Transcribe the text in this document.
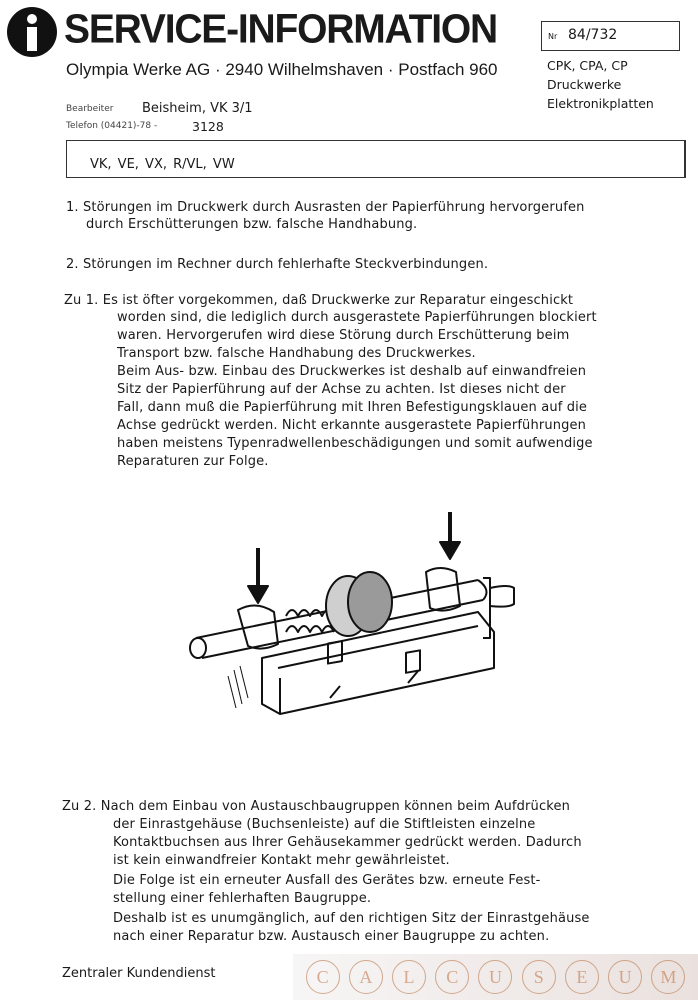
SERVICE-INFORMATION
Olympia Werke AG · 2940 Wilhelmshaven · Postfach 960
Nr 84/732
CPK, CPA, CP
Druckwerke
Elektronikplatten
Bearbeiter Beisheim, VK 3/1
Telefon (04421)-78 -	3128
VK, VE, VX, R/VL, VW
1. Störungen im Druckwerk durch Ausrasten der Papierführung hervorgerufen
durch Erschütterungen bzw. falsche Handhabung.
2. Störungen im Rechner durch fehlerhafte Steckverbindungen.
Zu 1. Es ist öfter vorgekommen, daß Druckwerke zur Reparatur eingeschickt
worden sind, die lediglich durch ausgerastete Papierführungen blockiert
waren. Hervorgerufen wird diese Störung durch Erschütterung beim
Transport bzw. falsche Handhabung des Druckwerkes.
Beim Aus- bzw. Einbau des Druckwerkes ist deshalb auf einwandfreien
Sitz der Papierführung auf der Achse zu achten. Ist dieses nicht der
Fall, dann muß die Papierführung mit Ihren Befestigungsklauen auf die
Achse gedrückt werden. Nicht erkannte ausgerastete Papierführungen
haben meistens Typenradwellenbeschädigungen und somit aufwendige
Reparaturen zur Folge.
Zu 2. Nach dem Einbau von Austauschbaugruppen können beim Aufdrücken
der Einrastgehäuse (Buchsenleiste) auf die Stiftleisten einzelne
Kontaktbuchsen aus Ihrer Gehäusekammer gedrückt werden. Dadurch
ist kein einwandfreier Kontakt mehr gewährleistet.
Die Folge ist ein erneuter Ausfall des Gerätes bzw. erneute Fest-
stellung einer fehlerhaften Baugruppe.
Deshalb ist es unumgänglich, auf den richtigen Sitz der Einrastgehäuse
nach einer Reparatur bzw. Austausch einer Baugruppe zu achten.
Zentraler Kundendienst	C	A	L	C	U	S	E	U	M
